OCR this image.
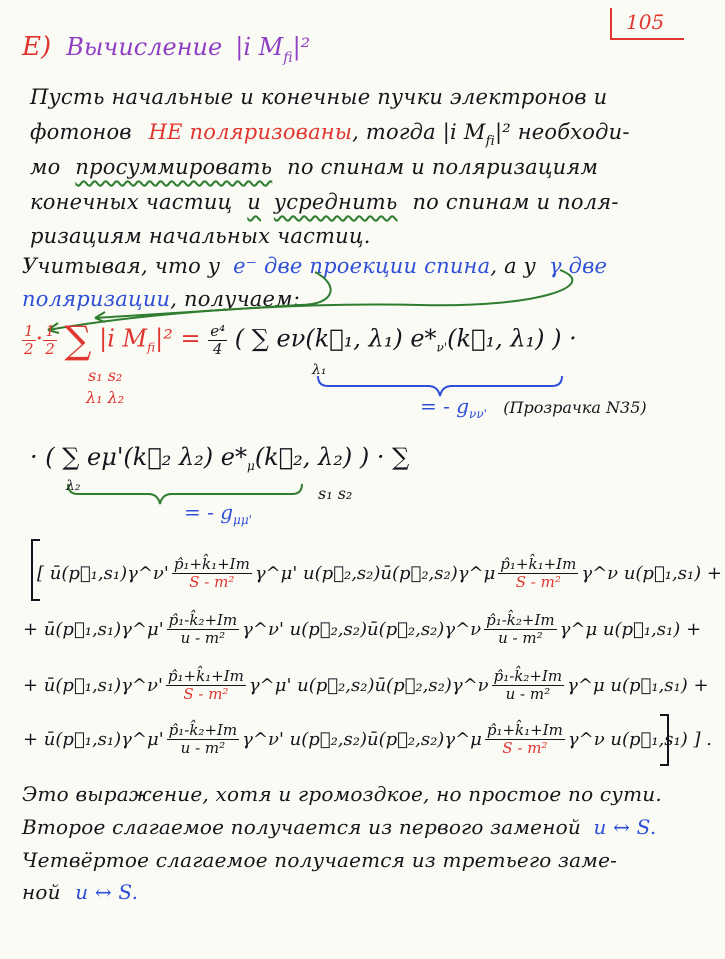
105
E) Вычисление |i Mfi|²
Пусть начальные и конечные пучки электронов и
фотонов НЕ поляризованы, тогда |i $M_{fi}|^2$ необходи-
мо просуммировать по спинам и поляризациям
конечных частиц и усреднить по спинам и поля-
ризациям начальных частиц.
Учитывая, что у e⁻ две проекции спина, а у γ две
поляризации, получаем:
$\frac{1}{2} \cdot \frac{1}{2}$ ∑ |i $M_{fi}|^2 = \frac{\text{e⁴}}{4}$ ( ∑ eν(k⃗₁, λ₁) $e*_{\nu'}(k⃗_1$, λ₁) ) ·
s₁ s₂
λ₁ λ₂
λ₁
= - $g_{\nu\nu'}$ (Прозрачка N35)
· ( ∑ eμ'(k⃗₂ λ₂) $e*_\mu(k⃗_2$, λ₂) ) · ∑
λ₂	s₁ s₂
= - $g_{\mu\mu'}$
[ ū(p⃗₁,s₁)γ^ν' $\frac{\text{p̂₁+k̂₁+Im}}{\text{S - m²}}$ γ^μ' u(p⃗₂,s₂)ū(p⃗₂,s₂)γ^μ $\frac{\text{p̂₁+k̂₁+Im}}{\text{S - m²}}$ γ^ν u(p⃗₁,s₁) +
+ ū(p⃗₁,s₁)γ^μ' $\frac{\text{p̂₁-k̂₂+Im}}{\text{u - m²}}$ γ^ν' u(p⃗₂,s₂)ū(p⃗₂,s₂)γ^ν $\frac{\text{p̂₁-k̂₂+Im}}{\text{u - m²}}$ γ^μ u(p⃗₁,s₁) +
+ ū(p⃗₁,s₁)γ^ν' $\frac{\text{p̂₁+k̂₁+Im}}{\text{S - m²}}$ γ^μ' u(p⃗₂,s₂)ū(p⃗₂,s₂)γ^ν $\frac{\text{p̂₁-k̂₂+Im}}{\text{u - m²}}$ γ^μ u(p⃗₁,s₁) +
+ ū(p⃗₁,s₁)γ^μ' $\frac{\text{p̂₁-k̂₂+Im}}{\text{u - m²}}$ γ^ν' u(p⃗₂,s₂)ū(p⃗₂,s₂)γ^μ $\frac{\text{p̂₁+k̂₁+Im}}{\text{S - m²}}$ γ^ν u(p⃗₁,s₁) ] .
Это выражение, хотя и громоздкое, но простое по сути.
Второе слагаемое получается из первого заменой u ↔ S.
Четвёртое слагаемое получается из третьего заме-
ной u ↔ S.
